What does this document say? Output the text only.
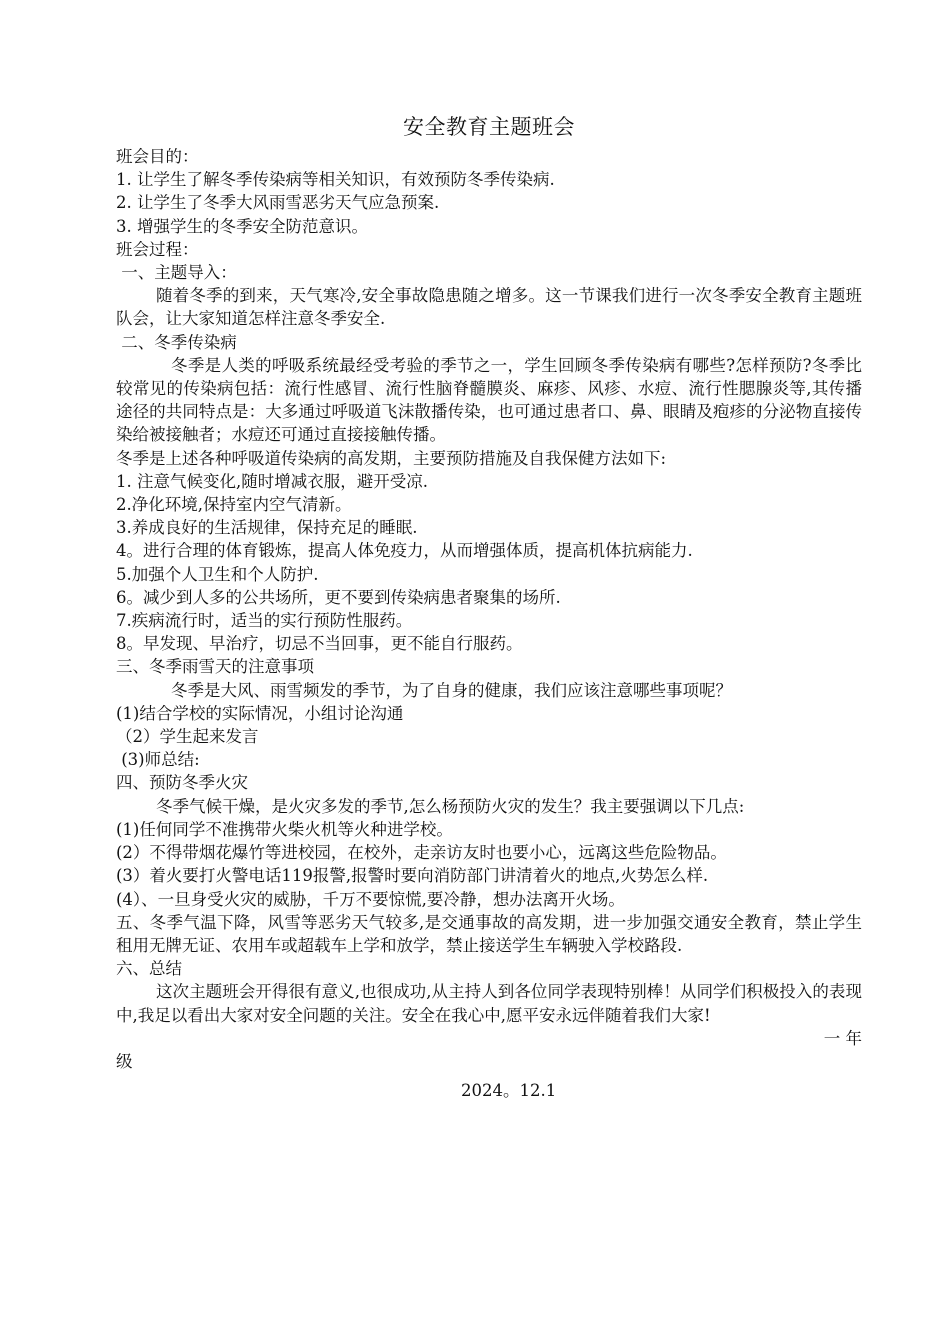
安全教育主题班会

班会目的：

1. 让学生了解冬季传染病等相关知识，有效预防冬季传染病.

2. 让学生了冬季大风雨雪恶劣天气应急预案.

3. 增强学生的冬季安全防范意识。

班会过程：

一、主题导入：

随着冬季的到来，天气寒冷,安全事故隐患随之增多。这一节课我们进行一次冬季安全教育主题班队会，让大家知道怎样注意冬季安全.

二、冬季传染病

冬季是人类的呼吸系统最经受考验的季节之一，学生回顾冬季传染病有哪些?怎样预防?冬季比较常见的传染病包括：流行性感冒、流行性脑脊髓膜炎、麻疹、风疹、水痘、流行性腮腺炎等,其传播途径的共同特点是：大多通过呼吸道飞沫散播传染，也可通过患者口、鼻、眼睛及疱疹的分泌物直接传染给被接触者；水痘还可通过直接接触传播。

冬季是上述各种呼吸道传染病的高发期，主要预防措施及自我保健方法如下:

1. 注意气候变化,随时增减衣服，避开受凉.

2.净化环境,保持室内空气清新。

3.养成良好的生活规律，保持充足的睡眠.

4。进行合理的体育锻炼，提高人体免疫力，从而增强体质，提高机体抗病能力.

5.加强个人卫生和个人防护.

6。减少到人多的公共场所，更不要到传染病患者聚集的场所.

7.疾病流行时，适当的实行预防性服药。

8。早发现、早治疗，切忌不当回事，更不能自行服药。

三、冬季雨雪天的注意事项

冬季是大风、雨雪频发的季节，为了自身的健康，我们应该注意哪些事项呢？

(1)结合学校的实际情况，小组讨论沟通

（2）学生起来发言

(3)师总结:

四、预防冬季火灾

冬季气候干燥，是火灾多发的季节,怎么杨预防火灾的发生？我主要强调以下几点:

(1)任何同学不准携带火柴火机等火种进学校。

(2）不得带烟花爆竹等进校园，在校外，走亲访友时也要小心，远离这些危险物品。

(3）着火要打火警电话119报警,报警时要向消防部门讲清着火的地点,火势怎么样.

(4）、一旦身受火灾的威胁，千万不要惊慌,要冷静，想办法离开火场。

五、冬季气温下降，风雪等恶劣天气较多,是交通事故的高发期，进一步加强交通安全教育，禁止学生租用无牌无证、农用车或超载车上学和放学，禁止接送学生车辆驶入学校路段.

六、总结

这次主题班会开得很有意义,也很成功,从主持人到各位同学表现特别棒！从同学们积极投入的表现中,我足以看出大家对安全问题的关注。安全在我心中,愿平安永远伴随着我们大家!

一 年

级

2024。12.1
